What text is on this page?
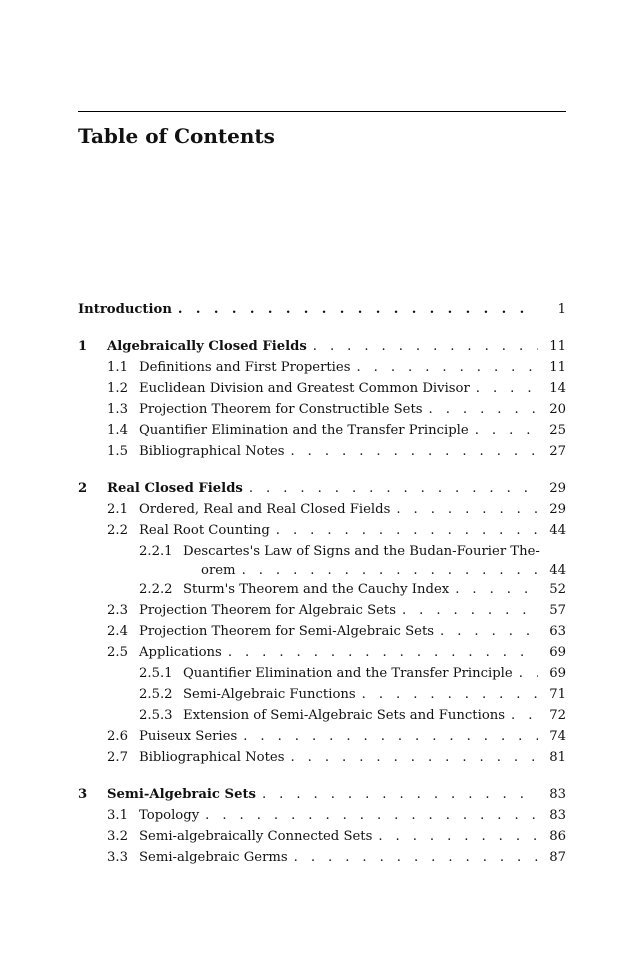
Table of Contents
Introduction . . .	1
1 Algebraically Closed Fields . . .	11
1.1 Definitions and First Properties . . .	11
1.2 Euclidean Division and Greatest Common Divisor . . .	14
1.3 Projection Theorem for Constructible Sets . . .	20
1.4 Quantifier Elimination and the Transfer Principle . . .	25
1.5 Bibliographical Notes . . .	27
2 Real Closed Fields . . .	29
2.1 Ordered, Real and Real Closed Fields . . .	29
2.2 Real Root Counting . . .	44
2.2.1 Descartes's Law of Signs and the Budan-Fourier The-
orem . . .	44
2.2.2 Sturm's Theorem and the Cauchy Index . . .	52
2.3 Projection Theorem for Algebraic Sets . . .	57
2.4 Projection Theorem for Semi-Algebraic Sets . . .	63
2.5 Applications . . .	69
2.5.1 Quantifier Elimination and the Transfer Principle . . .	69
2.5.2 Semi-Algebraic Functions . . .	71
2.5.3 Extension of Semi-Algebraic Sets and Functions . . .	72
2.6 Puiseux Series . . .	74
2.7 Bibliographical Notes . . .	81
3 Semi-Algebraic Sets . . .	83
3.1 Topology . . .	83
3.2 Semi-algebraically Connected Sets . . .	86
3.3 Semi-algebraic Germs . . .	87
